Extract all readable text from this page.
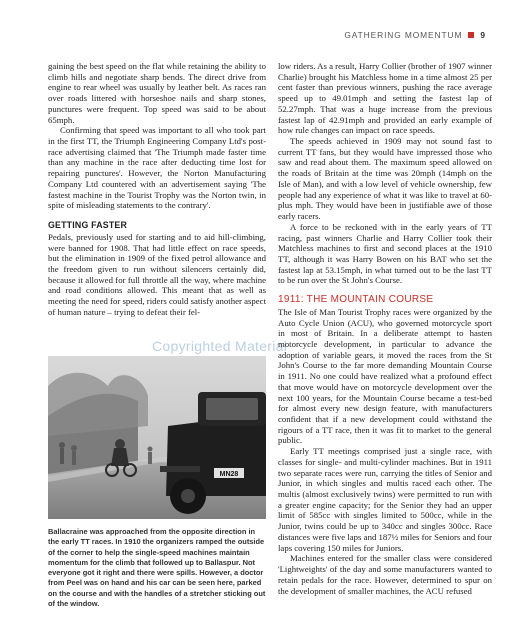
GATHERING MOMENTUM 9

gaining the best speed on the flat while retaining the ability to climb hills and negotiate sharp bends. The direct drive from engine to rear wheel was usually by leather belt. As races ran over roads littered with horseshoe nails and sharp stones, punctures were frequent. Top speed was said to be about 65mph.

Confirming that speed was important to all who took part in the first TT, the Triumph Engineering Company Ltd's post-race advertising claimed that 'The Triumph made faster time than any machine in the race after deducting time lost for repairing punctures'. However, the Norton Manufacturing Company Ltd countered with an advertisement saying 'The fastest machine in the Tourist Trophy was the Norton twin, in spite of misleading statements to the contrary'.

GETTING FASTER

Pedals, previously used for starting and to aid hill-climbing, were banned for 1908. That had little effect on race speeds, but the elimination in 1909 of the fixed petrol allowance and the freedom given to run without silencers certainly did, because it allowed for full throttle all the way, where machine and road conditions allowed. This meant that as well as meeting the need for speed, riders could satisfy another aspect of human nature – trying to defeat their fel-

Copyrighted Material
MN28

Ballacraine was approached from the opposite direction in the early TT races. In 1910 the organizers ramped the outside of the corner to help the single-speed machines maintain momentum for the climb that followed up to Ballaspur. Not everyone got it right and there were spills. However, a doctor from Peel was on hand and his car can be seen here, parked on the course and with the handles of a stretcher sticking out of the window.

low riders. As a result, Harry Collier (brother of 1907 winner Charlie) brought his Matchless home in a time almost 25 per cent faster than previous winners, pushing the race average speed up to 49.01mph and setting the fastest lap of 52.27mph. That was a huge increase from the previous fastest lap of 42.91mph and provided an early example of how rule changes can impact on race speeds.

The speeds achieved in 1909 may not sound fast to current TT fans, but they would have impressed those who saw and read about them. The maximum speed allowed on the roads of Britain at the time was 20mph (14mph on the Isle of Man), and with a low level of vehicle ownership, few people had any experience of what it was like to travel at 60-plus mph. They would have been in justifiable awe of those early racers.

A force to be reckoned with in the early years of TT racing, past winners Charlie and Harry Collier took their Matchless machines to first and second places at the 1910 TT, although it was Harry Bowen on his BAT who set the fastest lap at 53.15mph, in what turned out to be the last TT to be run over the St John's Course.

1911: THE MOUNTAIN COURSE

The Isle of Man Tourist Trophy races were organized by the Auto Cycle Union (ACU), who governed motorcycle sport in most of Britain. In a deliberate attempt to hasten motorcycle development, in particular to advance the adoption of variable gears, it moved the races from the St John's Course to the far more demanding Mountain Course in 1911. No one could have realized what a profound effect that move would have on motorcycle development over the next 100 years, for the Mountain Course became a test-bed for almost every new design feature, with manufacturers confident that if a new development could withstand the rigours of a TT race, then it was fit to market to the general public.

Early TT meetings comprised just a single race, with classes for single- and multi-cylinder machines. But in 1911 two separate races were run, carrying the titles of Senior and Junior, in which singles and multis raced each other. The multis (almost exclusively twins) were permitted to run with a greater engine capacity; for the Senior they had an upper limit of 585cc with singles limited to 500cc, while in the Junior, twins could be up to 340cc and singles 300cc. Race distances were five laps and 187½ miles for Seniors and four laps covering 150 miles for Juniors.

Machines entered for the smaller class were considered 'Lightweights' of the day and some manufacturers wanted to retain pedals for the race. However, determined to spur on the development of smaller machines, the ACU refused
